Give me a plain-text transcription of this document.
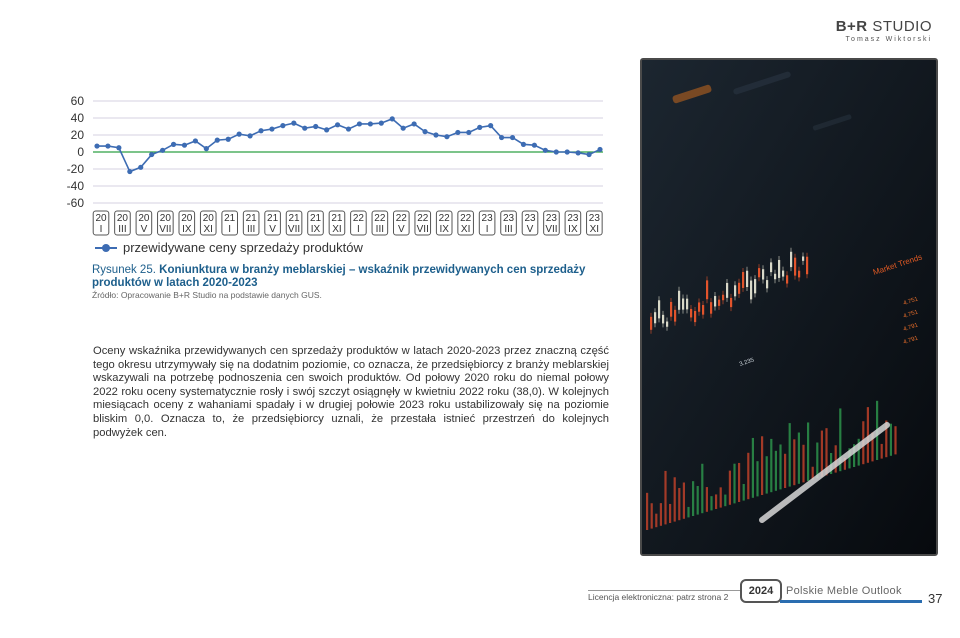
B+R STUDIO
Tomasz Wiktorski
60
40
20
0
-20
-40
-60
20
I
20
III
20
V
20
VII
20
IX
20
XI
21
I
21
III
21
V
21
VII
21
IX
21
XI
22
I
22
III
22
V
22
VII
22
IX
22
XI
23
I
23
III
23
V
23
VII
23
IX
23
XI
przewidywane ceny sprzedaży produktów
Rysunek 25. Koniunktura w branży meblarskiej – wskaźnik przewidywanych cen sprzedaży produktów w latach 2020-2023
Źródło: Opracowanie B+R Studio na podstawie danych GUS.
Oceny wskaźnika przewidywanych cen sprzedaży produktów w latach 2020-2023 przez znaczną część tego okresu utrzymywały się na dodatnim poziomie, co oznacza, że przedsiębiorcy z branży meblarskiej wskazywali na potrzebę podnoszenia cen swoich produktów. Od połowy 2020 roku do niemal połowy 2022 roku oceny systematycznie rosły i swój szczyt osiągnęły w kwietniu 2022 roku (38,0). W kolejnych miesiącach oceny z wahaniami spadały i w drugiej połowie 2023 roku ustabilizowały się na poziomie bliskim 0,0. Oznacza to, że przedsiębiorcy uznali, że przestała istnieć przestrzeń do kolejnych podwyżek cen.
Market Trends
3.235
4.751
4.751
4.791
4.791
Licencja elektroniczna: patrz strona 2	2024	Polskie Meble Outlook 37
